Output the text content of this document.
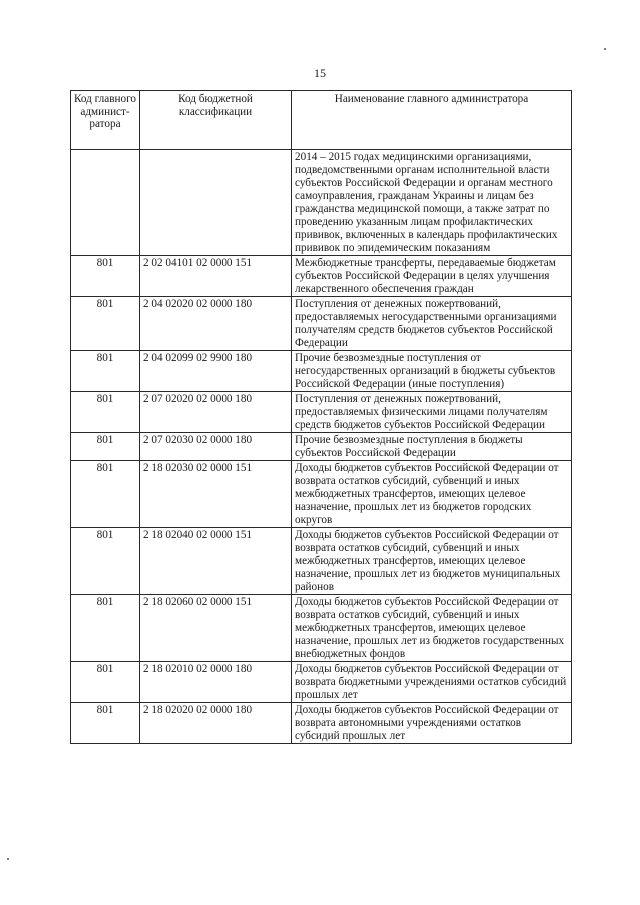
15
Код главного админист-ратора	Код бюджетной классификации	Наименование главного администратора
		2014 – 2015 годах медицинскими организациями, подведомственными органам исполнительной власти субъектов Российской Федерации и органам местного самоуправления, гражданам Украины и лицам без гражданства медицинской помощи, а также затрат по проведению указанным лицам профилактических прививок, включенных в календарь профилактических прививок по эпидемическим показаниям
801	2 02 04101 02 0000 151	Межбюджетные трансферты, передаваемые бюджетам субъектов Российской Федерации в целях улучшения лекарственного обеспечения граждан
801	2 04 02020 02 0000 180	Поступления от денежных пожертвований, предоставляемых негосударственными организациями получателям средств бюджетов субъектов Российской Федерации
801	2 04 02099 02 9900 180	Прочие безвозмездные поступления от негосударственных организаций в бюджеты субъектов Российской Федерации (иные поступления)
801	2 07 02020 02 0000 180	Поступления от денежных пожертвований, предоставляемых физическими лицами получателям средств бюджетов субъектов Российской Федерации
801	2 07 02030 02 0000 180	Прочие безвозмездные поступления в бюджеты субъектов Российской Федерации
801	2 18 02030 02 0000 151	Доходы бюджетов субъектов Российской Федерации от возврата остатков субсидий, субвенций и иных межбюджетных трансфертов, имеющих целевое назначение, прошлых лет из бюджетов городских округов
801	2 18 02040 02 0000 151	Доходы бюджетов субъектов Российской Федерации от возврата остатков субсидий, субвенций и иных межбюджетных трансфертов, имеющих целевое назначение, прошлых лет из бюджетов муниципальных районов
801	2 18 02060 02 0000 151	Доходы бюджетов субъектов Российской Федерации от возврата остатков субсидий, субвенций и иных межбюджетных трансфертов, имеющих целевое назначение, прошлых лет из бюджетов государственных внебюджетных фондов
801	2 18 02010 02 0000 180	Доходы бюджетов субъектов Российской Федерации от возврата бюджетными учреждениями остатков субсидий прошлых лет
801	2 18 02020 02 0000 180	Доходы бюджетов субъектов Российской Федерации от возврата автономными учреждениями остатков субсидий прошлых лет
